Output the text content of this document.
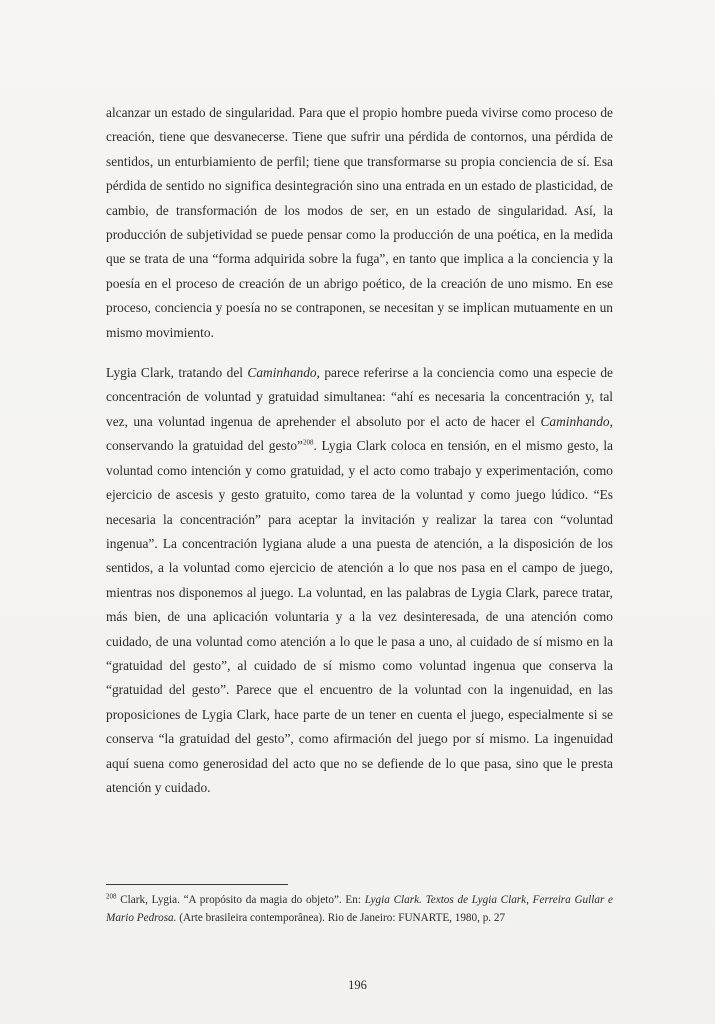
alcanzar un estado de singularidad. Para que el propio hombre pueda vivirse como proceso de creación, tiene que desvanecerse. Tiene que sufrir una pérdida de contornos, una pérdida de sentidos, un enturbiamiento de perfil; tiene que transformarse su propia conciencia de sí. Esa pérdida de sentido no significa desintegración sino una entrada en un estado de plasticidad, de cambio, de transformación de los modos de ser, en un estado de singularidad. Así, la producción de subjetividad se puede pensar como la producción de una poética, en la medida que se trata de una “forma adquirida sobre la fuga”, en tanto que implica a la conciencia y la poesía en el proceso de creación de un abrigo poético, de la creación de uno mismo. En ese proceso, conciencia y poesía no se contraponen, se necesitan y se implican mutuamente en un mismo movimiento.

Lygia Clark, tratando del Caminhando, parece referirse a la conciencia como una especie de concentración de voluntad y gratuidad simultanea: “ahí es necesaria la concentración y, tal vez, una voluntad ingenua de aprehender el absoluto por el acto de hacer el Caminhando, conservando la gratuidad del gesto”$^{208}$. Lygia Clark coloca en tensión, en el mismo gesto, la voluntad como intención y como gratuidad, y el acto como trabajo y experimentación, como ejercicio de ascesis y gesto gratuito, como tarea de la voluntad y como juego lúdico. “Es necesaria la concentración” para aceptar la invitación y realizar la tarea con “voluntad ingenua”. La concentración lygiana alude a una puesta de atención, a la disposición de los sentidos, a la voluntad como ejercicio de atención a lo que nos pasa en el campo de juego, mientras nos disponemos al juego. La voluntad, en las palabras de Lygia Clark, parece tratar, más bien, de una aplicación voluntaria y a la vez desinteresada, de una atención como cuidado, de una voluntad como atención a lo que le pasa a uno, al cuidado de sí mismo en la “gratuidad del gesto”, al cuidado de sí mismo como voluntad ingenua que conserva la “gratuidad del gesto”. Parece que el encuentro de la voluntad con la ingenuidad, en las proposiciones de Lygia Clark, hace parte de un tener en cuenta el juego, especialmente si se conserva “la gratuidad del gesto”, como afirmación del juego por sí mismo. La ingenuidad aquí suena como generosidad del acto que no se defiende de lo que pasa, sino que le presta atención y cuidado.

$^{208}$ Clark, Lygia. “A propósito da magia do objeto”. En: Lygia Clark. Textos de Lygia Clark, Ferreira Gullar e Mario Pedrosa. (Arte brasileira contemporânea). Rio de Janeiro: FUNARTE, 1980, p. 27
196
